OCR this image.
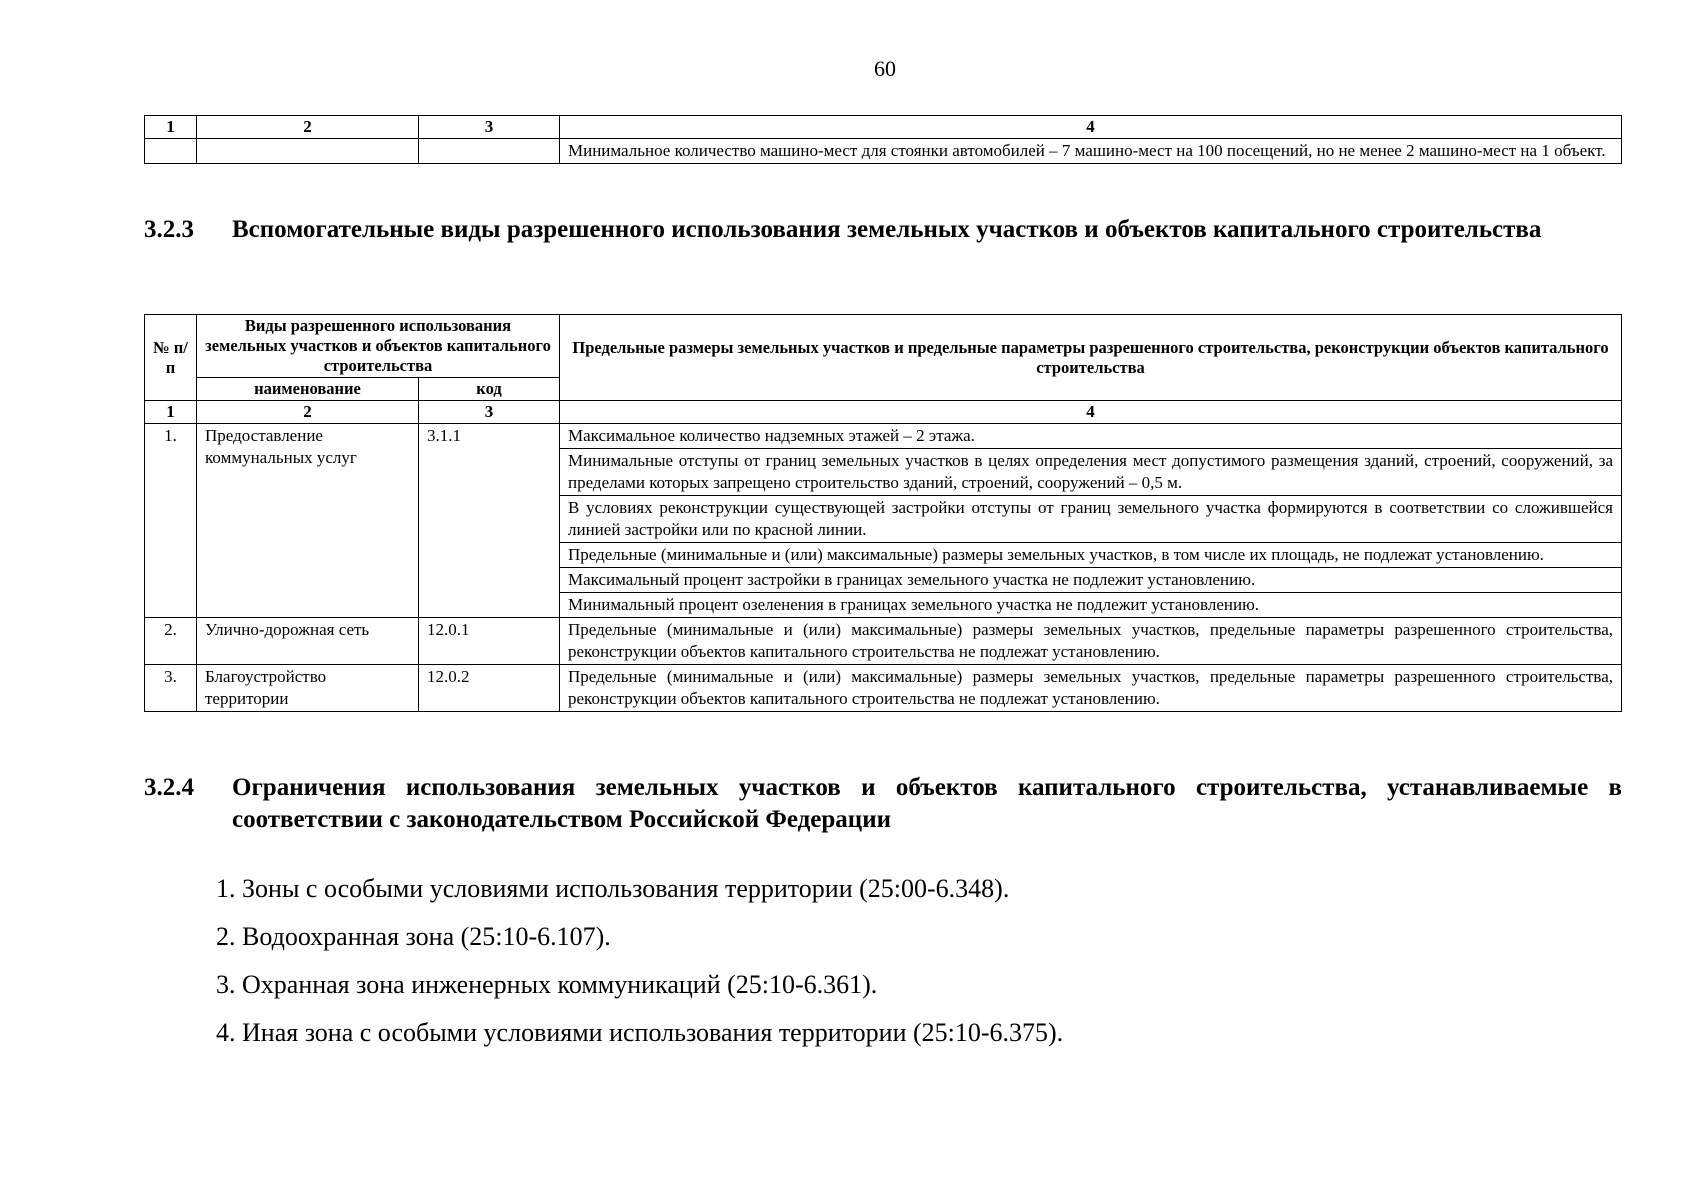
60
1	2	3	4
			Минимальное количество машино-мест для стоянки автомобилей – 7 машино-мест на 100 посещений, но не менее 2 машино-мест на 1 объект.
3.2.3 Вспомогательные виды разрешенного использования земельных участков и объектов капитального строительства
№ п/п	Виды разрешенного использования земельных участков и объектов капитального строительства		Предельные размеры земельных участков и предельные параметры разрешенного строительства, реконструкции объектов капитального строительства
	наименование	код	
1	2	3	4
1.	Предоставление коммунальных услуг	3.1.1	Максимальное количество надземных этажей – 2 этажа.
			Минимальные отступы от границ земельных участков в целях определения мест допустимого размещения зданий, строений, сооружений, за пределами которых запрещено строительство зданий, строений, сооружений – 0,5 м.
			В условиях реконструкции существующей застройки отступы от границ земельного участка формируются в соответствии со сложившейся линией застройки или по красной линии.
			Предельные (минимальные и (или) максимальные) размеры земельных участков, в том числе их площадь, не подлежат установлению.
			Максимальный процент застройки в границах земельного участка не подлежит установлению.
			Минимальный процент озеленения в границах земельного участка не подлежит установлению.
2.	Улично-дорожная сеть	12.0.1	Предельные (минимальные и (или) максимальные) размеры земельных участков, предельные параметры разрешенного строительства, реконструкции объектов капитального строительства не подлежат установлению.
3.	Благоустройство территории	12.0.2	Предельные (минимальные и (или) максимальные) размеры земельных участков, предельные параметры разрешенного строительства, реконструкции объектов капитального строительства не подлежат установлению.
3.2.4 Ограничения использования земельных участков и объектов капитального строительства, устанавливаемые в соответствии с законодательством Российской Федерации
1. Зоны с особыми условиями использования территории (25:00-6.348).
2. Водоохранная зона (25:10-6.107).
3. Охранная зона инженерных коммуникаций (25:10-6.361).
4. Иная зона с особыми условиями использования территории (25:10-6.375).
